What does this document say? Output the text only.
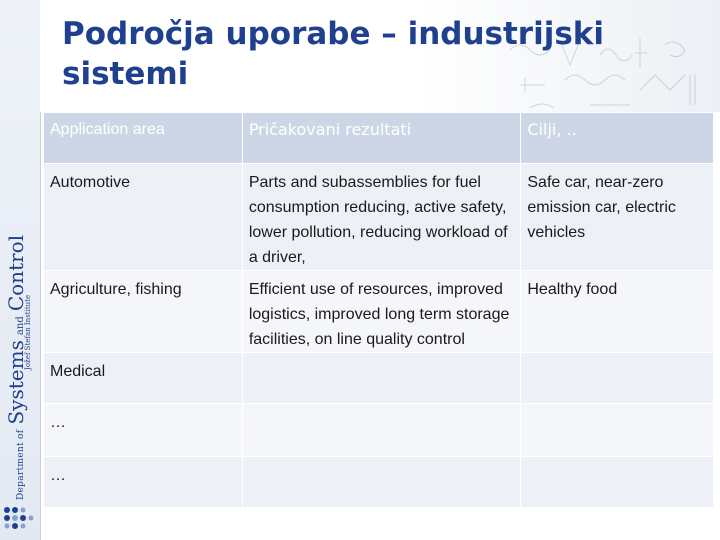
Department of Systems and Control
Jožef Stefan Institute
Področja uporabe – industrijski
sistemi
Application area	Pričakovani rezultati	Cilji, ..
Automotive	Parts and subassemblies for fuel consumption reducing, active safety, lower pollution, reducing workload of a driver,	Safe car, near-zero emission car, electric vehicles
Agriculture, fishing	Efficient use of resources, improved logistics, improved long term storage facilities, on line quality control	Healthy food
Medical		
…		
…		
